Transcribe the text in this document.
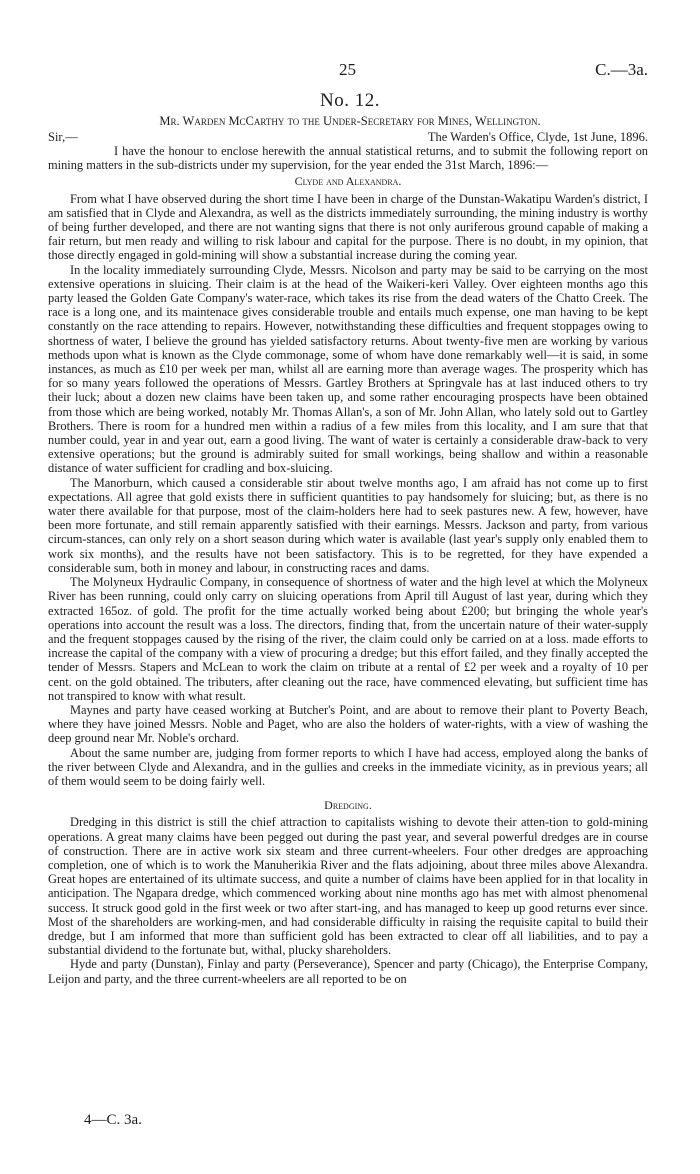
25	C.—3a.
No. 12.
Mr. Warden McCarthy to the Under-Secretary for Mines, Wellington.
Sir,—	The Warden's Office, Clyde, 1st June, 1896.

I have the honour to enclose herewith the annual statistical returns, and to submit the following report on mining matters in the sub-districts under my supervision, for the year ended the 31st March, 1896:—

Clyde and Alexandra.

From what I have observed during the short time I have been in charge of the Dunstan-Wakatipu Warden's district, I am satisfied that in Clyde and Alexandra, as well as the districts immediately surrounding, the mining industry is worthy of being further developed, and there are not wanting signs that there is not only auriferous ground capable of making a fair return, but men ready and willing to risk labour and capital for the purpose. There is no doubt, in my opinion, that those directly engaged in gold-mining will show a substantial increase during the coming year.

In the locality immediately surrounding Clyde, Messrs. Nicolson and party may be said to be carrying on the most extensive operations in sluicing. Their claim is at the head of the Waikeri-keri Valley. Over eighteen months ago this party leased the Golden Gate Company's water-race, which takes its rise from the dead waters of the Chatto Creek. The race is a long one, and its maintenace gives considerable trouble and entails much expense, one man having to be kept constantly on the race attending to repairs. However, notwithstanding these difficulties and frequent stoppages owing to shortness of water, I believe the ground has yielded satisfactory returns. About twenty-five men are working by various methods upon what is known as the Clyde commonage, some of whom have done remarkably well—it is said, in some instances, as much as £10 per week per man, whilst all are earning more than average wages. The prosperity which has for so many years followed the operations of Messrs. Gartley Brothers at Springvale has at last induced others to try their luck; about a dozen new claims have been taken up, and some rather encouraging prospects have been obtained from those which are being worked, notably Mr. Thomas Allan's, a son of Mr. John Allan, who lately sold out to Gartley Brothers. There is room for a hundred men within a radius of a few miles from this locality, and I am sure that that number could, year in and year out, earn a good living. The want of water is certainly a considerable draw-back to very extensive operations; but the ground is admirably suited for small workings, being shallow and within a reasonable distance of water sufficient for cradling and box-sluicing.

The Manorburn, which caused a considerable stir about twelve months ago, I am afraid has not come up to first expectations. All agree that gold exists there in sufficient quantities to pay handsomely for sluicing; but, as there is no water there available for that purpose, most of the claim-holders here had to seek pastures new. A few, however, have been more fortunate, and still remain apparently satisfied with their earnings. Messrs. Jackson and party, from various circum-stances, can only rely on a short season during which water is available (last year's supply only enabled them to work six months), and the results have not been satisfactory. This is to be regretted, for they have expended a considerable sum, both in money and labour, in constructing races and dams.

The Molyneux Hydraulic Company, in consequence of shortness of water and the high level at which the Molyneux River has been running, could only carry on sluicing operations from April till August of last year, during which they extracted 165oz. of gold. The profit for the time actually worked being about £200; but bringing the whole year's operations into account the result was a loss. The directors, finding that, from the uncertain nature of their water-supply and the frequent stoppages caused by the rising of the river, the claim could only be carried on at a loss. made efforts to increase the capital of the company with a view of procuring a dredge; but this effort failed, and they finally accepted the tender of Messrs. Stapers and McLean to work the claim on tribute at a rental of £2 per week and a royalty of 10 per cent. on the gold obtained. The tributers, after cleaning out the race, have commenced elevating, but sufficient time has not transpired to know with what result.

Maynes and party have ceased working at Butcher's Point, and are about to remove their plant to Poverty Beach, where they have joined Messrs. Noble and Paget, who are also the holders of water-rights, with a view of washing the deep ground near Mr. Noble's orchard.

About the same number are, judging from former reports to which I have had access, employed along the banks of the river between Clyde and Alexandra, and in the gullies and creeks in the immediate vicinity, as in previous years; all of them would seem to be doing fairly well.

Dredging.

Dredging in this district is still the chief attraction to capitalists wishing to devote their atten-tion to gold-mining operations. A great many claims have been pegged out during the past year, and several powerful dredges are in course of construction. There are in active work six steam and three current-wheelers. Four other dredges are approaching completion, one of which is to work the Manuherikia River and the flats adjoining, about three miles above Alexandra. Great hopes are entertained of its ultimate success, and quite a number of claims have been applied for in that locality in anticipation. The Ngapara dredge, which commenced working about nine months ago has met with almost phenomenal success. It struck good gold in the first week or two after start-ing, and has managed to keep up good returns ever since. Most of the shareholders are working-men, and had considerable difficulty in raising the requisite capital to build their dredge, but I am informed that more than sufficient gold has been extracted to clear off all liabilities, and to pay a substantial dividend to the fortunate but, withal, plucky shareholders.

Hyde and party (Dunstan), Finlay and party (Perseverance), Spencer and party (Chicago), the Enterprise Company, Leijon and party, and the three current-wheelers are all reported to be on

4—C. 3a.
